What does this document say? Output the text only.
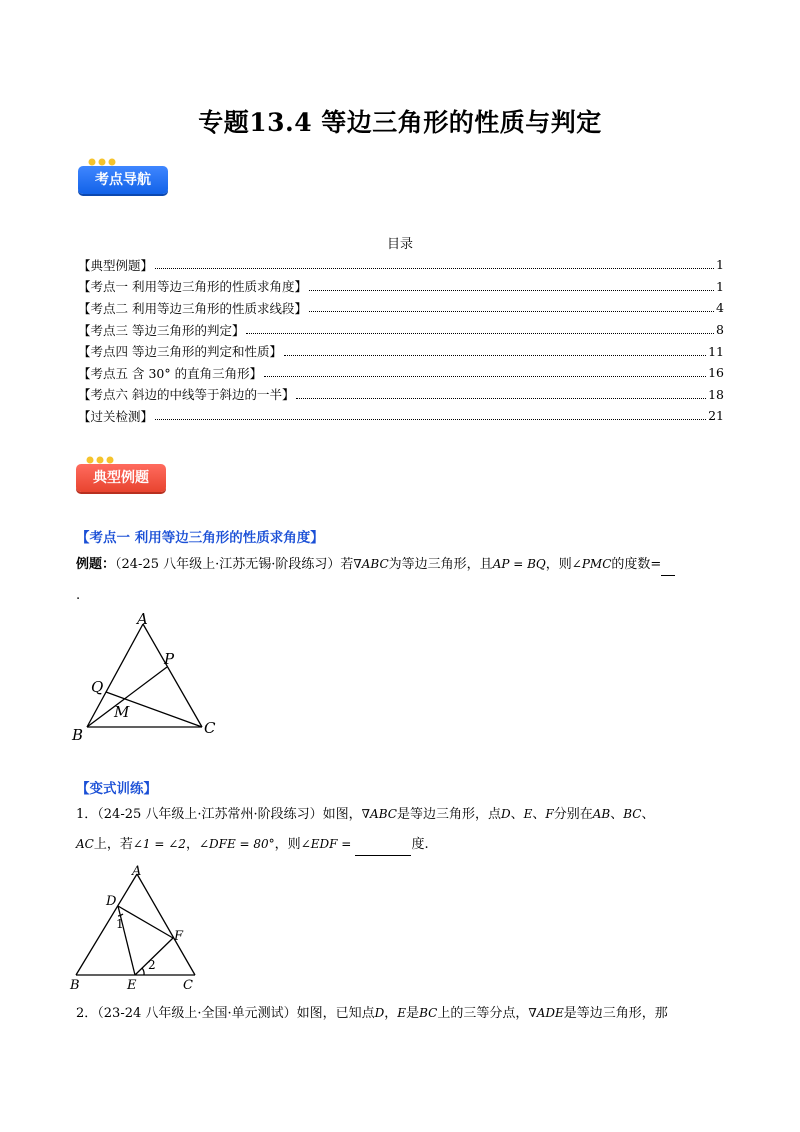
专题13.4 等边三角形的性质与判定
考点导航
目录
【典型例题】	1
【考点一 利用等边三角形的性质求角度】	1
【考点二 利用等边三角形的性质求线段】	4
【考点三 等边三角形的判定】	8
【考点四 等边三角形的判定和性质】	11
【考点五 含 30° 的直角三角形】	16
【考点六 斜边的中线等于斜边的一半】	18
【过关检测】	21
典型例题
【考点一 利用等边三角形的性质求角度】
例题：（24-25 八年级上·江苏无锡·阶段练习）若∇ABC为等边三角形，且AP = BQ，则∠PMC的度数=
.
A
B	C
P
Q
M
【变式训练】
1．（24-25 八年级上·江苏常州·阶段练习）如图，∇ABC是等边三角形，点D、E、F分别在AB、BC、
AC上，若∠1 = ∠2，∠DFE = 80°，则∠EDF =	度.
A
D
B	E	C
F
1
2
2．（23-24 八年级上·全国·单元测试）如图，已知点D，E是BC上的三等分点，∇ADE是等边三角形，那
